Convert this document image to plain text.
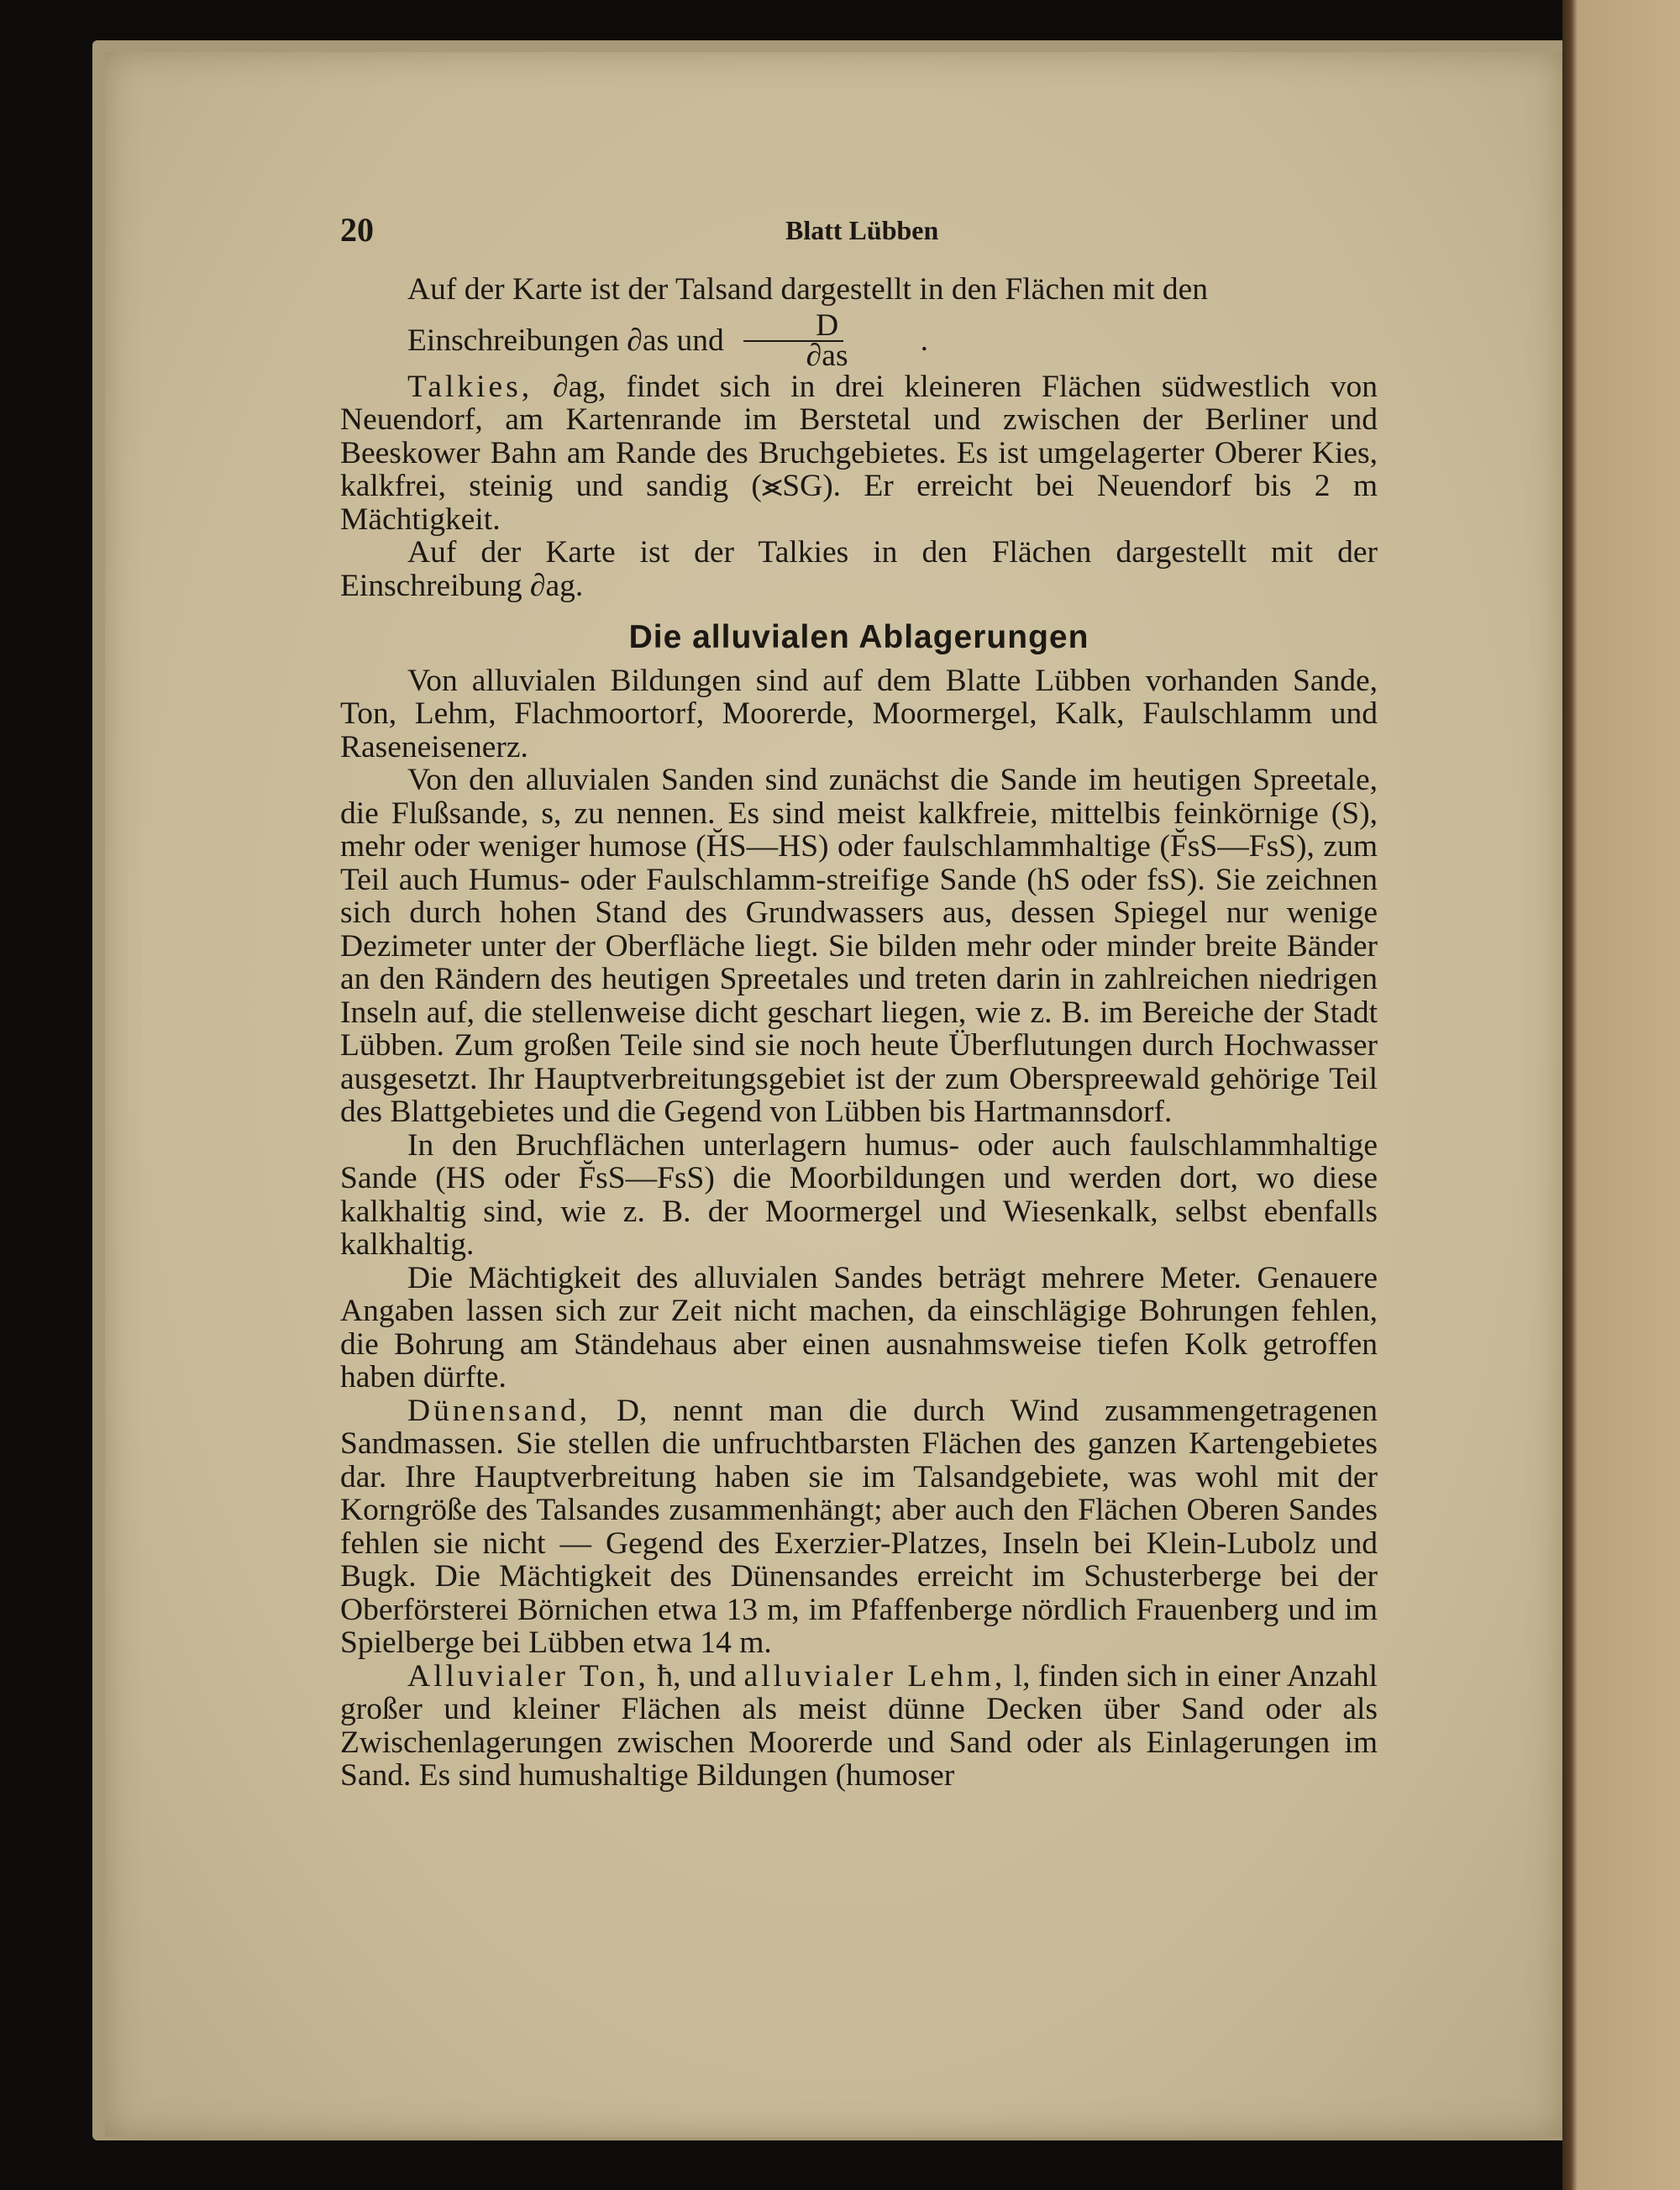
20	Blatt Lübben

Auf der Karte ist der Talsand dargestellt in den Flächen mit den

Einschreibungen ∂as und $\frac{D}{\partial as}$	.

Talkies, ∂ag, findet sich in drei kleineren Flächen südwestlich von Neuendorf, am Kartenrande im Berstetal und zwischen der Berliner und Beeskower Bahn am Rande des Bruchgebietes. Es ist umgelagerter Oberer Kies, kalkfrei, steinig und sandig (⪤SG). Er erreicht bei Neuendorf bis 2 m Mächtigkeit.

Auf der Karte ist der Talkies in den Flächen dargestellt mit der Einschreibung ∂ag.

Die alluvialen Ablagerungen

Von alluvialen Bildungen sind auf dem Blatte Lübben vorhanden Sande, Ton, Lehm, Flachmoortorf, Moorerde, Moormergel, Kalk, Faulschlamm und Raseneisenerz.

Von den alluvialen Sanden sind zunächst die Sande im heutigen Spreetale, die Flußsande, s, zu nennen. Es sind meist kalkfreie, mittelbis feinkörnige (S), mehr oder weniger humose (H̆S—HS) oder faulschlammhaltige (F̆sS—FsS), zum Teil auch Humus- oder Faulschlamm-streifige Sande (hS oder fsS). Sie zeichnen sich durch hohen Stand des Grundwassers aus, dessen Spiegel nur wenige Dezimeter unter der Oberfläche liegt. Sie bilden mehr oder minder breite Bänder an den Rändern des heutigen Spreetales und treten darin in zahlreichen niedrigen Inseln auf, die stellenweise dicht geschart liegen, wie z. B. im Bereiche der Stadt Lübben. Zum großen Teile sind sie noch heute Überflutungen durch Hochwasser ausgesetzt. Ihr Hauptverbreitungsgebiet ist der zum Oberspreewald gehörige Teil des Blattgebietes und die Gegend von Lübben bis Hartmannsdorf.

In den Bruchflächen unterlagern humus- oder auch faulschlammhaltige Sande (HS oder F̆sS—FsS) die Moorbildungen und werden dort, wo diese kalkhaltig sind, wie z. B. der Moormergel und Wiesenkalk, selbst ebenfalls kalkhaltig.

Die Mächtigkeit des alluvialen Sandes beträgt mehrere Meter. Genauere Angaben lassen sich zur Zeit nicht machen, da einschlägige Bohrungen fehlen, die Bohrung am Ständehaus aber einen ausnahmsweise tiefen Kolk getroffen haben dürfte.

Dünensand, D, nennt man die durch Wind zusammengetragenen Sandmassen. Sie stellen die unfruchtbarsten Flächen des ganzen Kartengebietes dar. Ihre Hauptverbreitung haben sie im Talsandgebiete, was wohl mit der Korngröße des Talsandes zusammenhängt; aber auch den Flächen Oberen Sandes fehlen sie nicht — Gegend des Exerzier-Platzes, Inseln bei Klein-Lubolz und Bugk. Die Mächtigkeit des Dünensandes erreicht im Schusterberge bei der Oberförsterei Börnichen etwa 13 m, im Pfaffenberge nördlich Frauenberg und im Spielberge bei Lübben etwa 14 m.

Alluvialer Ton, ħ, und alluvialer Lehm, l, finden sich in einer Anzahl großer und kleiner Flächen als meist dünne Decken über Sand oder als Zwischenlagerungen zwischen Moorerde und Sand oder als Einlagerungen im Sand. Es sind humushaltige Bildungen (humoser
